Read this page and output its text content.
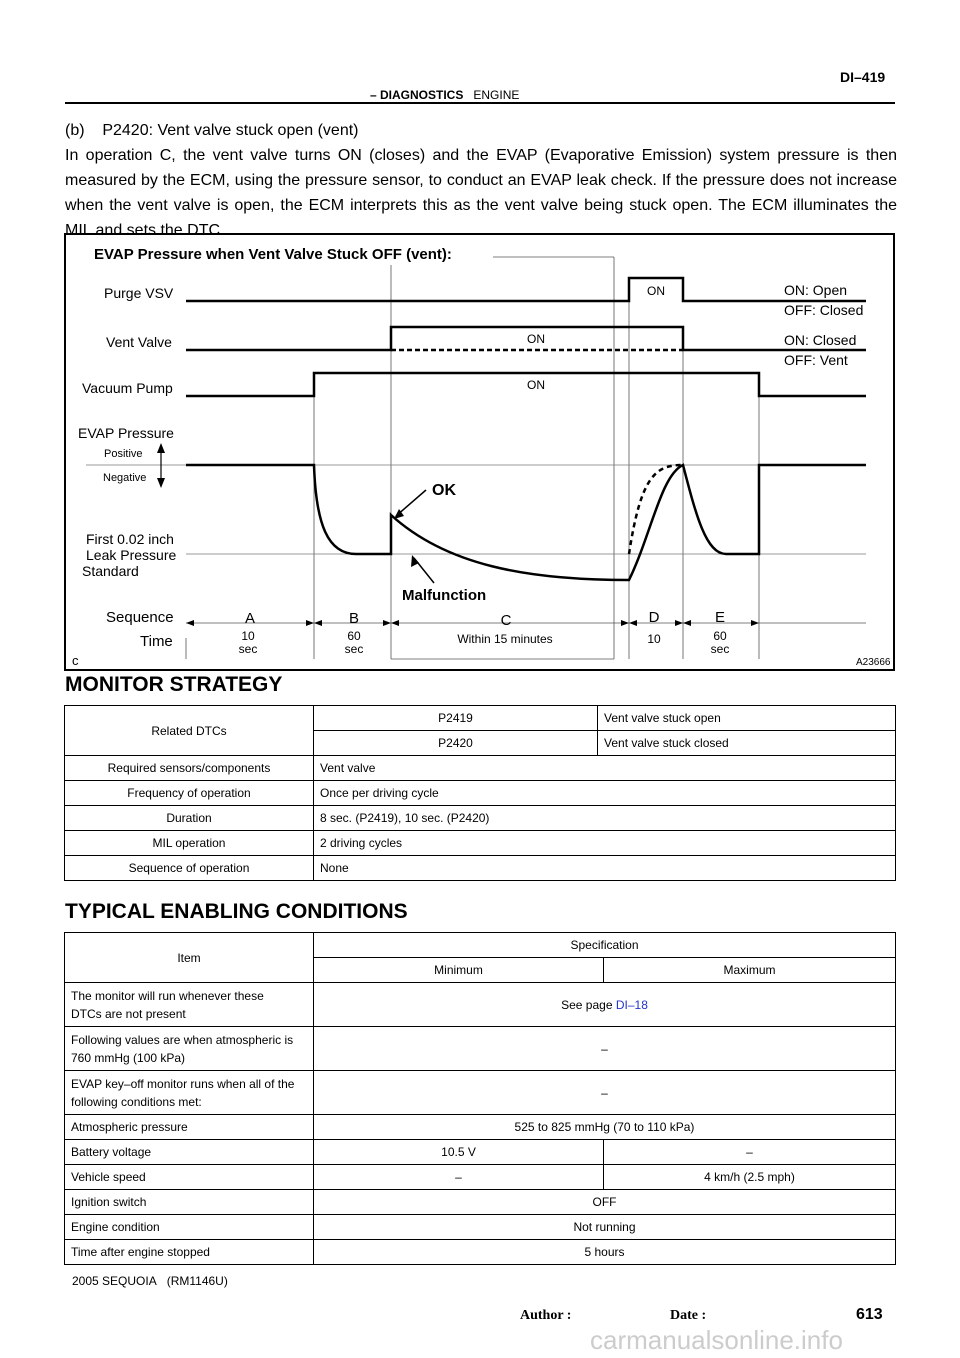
– DIAGNOSTICS ENGINE
DI–419

(b)    P2420: Vent valve stuck open (vent)

In operation C, the vent valve turns ON (closes) and the EVAP (Evaporative Emission) system pressure is then measured by the ECM, using the pressure sensor, to conduct an EVAP leak check. If the pressure does not increase when the vent valve is open, the ECM interprets this as the vent valve being stuck open. The ECM illuminates the MIL and sets the DTC.

EVAP Pressure when Vent Valve Stuck OFF (vent):
Purge VSV
Vent Valve
Vacuum Pump
EVAP Pressure
Positive
Negative
First 0.02 inch
Leak Pressure
Standard
Sequence
Time
ON
ON
ON
ON: Open
OFF: Closed
ON: Closed
OFF: Vent
OK
Malfunction
A	B	C	D	E
10
sec
60
sec
Within 15 minutes	10	60
sec
c	A23666
MONITOR STRATEGY
Related DTCs	P2419	Vent valve stuck open
	P2420	Vent valve stuck closed
Required sensors/components	Vent valve	
Frequency of operation	Once per driving cycle	
Duration	8 sec. (P2419), 10 sec. (P2420)	
MIL operation	2 driving cycles	
Sequence of operation	None	
TYPICAL ENABLING CONDITIONS
Item	Specification	
	Minimum	Maximum
The monitor will run whenever these
DTCs are not present	See page DI–18	
Following values are when atmospheric is
760 mmHg (100 kPa)	–	
EVAP key–off monitor runs when all of the
following conditions met:	–	
Atmospheric pressure	525 to 825 mmHg (70 to 110 kPa)	
Battery voltage	10.5 V	–
Vehicle speed	–	4 km/h (2.5 mph)
Ignition switch	OFF	
Engine condition	Not running	
Time after engine stopped	5 hours	
2005 SEQUOIA   (RM1146U)
Author :	Date :	613
carmanualsonline.info
